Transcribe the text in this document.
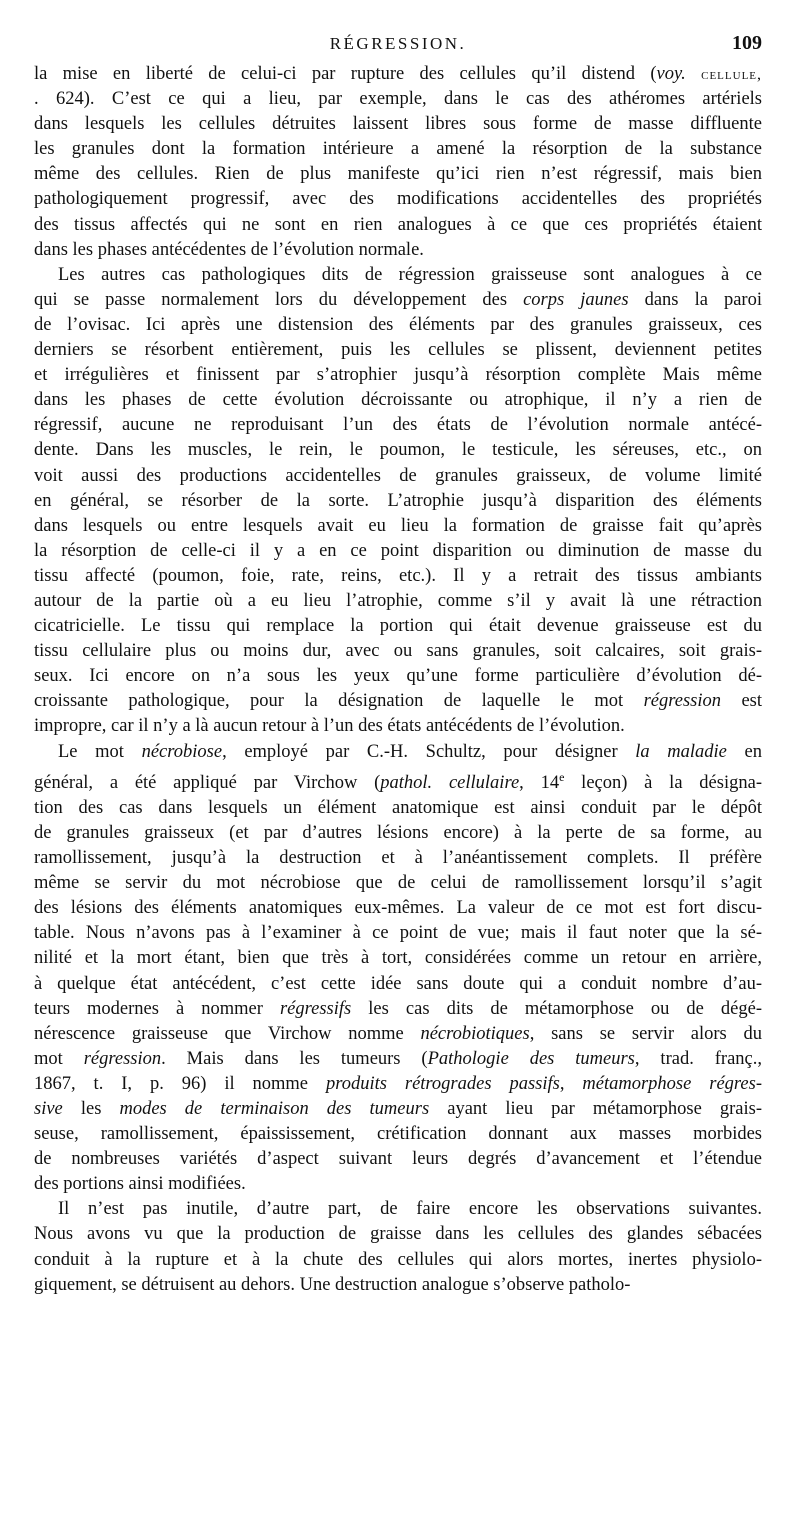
RÉGRESSION.	109
la mise en liberté de celui-ci par rupture des cellules qu’il distend (voy. cellule,
. 624). C’est ce qui a lieu, par exemple, dans le cas des athéromes artériels
dans lesquels les cellules détruites laissent libres sous forme de masse diffluente
les granules dont la formation intérieure a amené la résorption de la substance
même des cellules. Rien de plus manifeste qu’ici rien n’est régressif, mais bien
pathologiquement progressif, avec des modifications accidentelles des propriétés
des tissus affectés qui ne sont en rien analogues à ce que ces propriétés étaient
dans les phases antécédentes de l’évolution normale.
Les autres cas pathologiques dits de régression graisseuse sont analogues à ce
qui se passe normalement lors du développement des corps jaunes dans la paroi
de l’ovisac. Ici après une distension des éléments par des granules graisseux, ces
derniers se résorbent entièrement, puis les cellules se plissent, deviennent petites
et irrégulières et finissent par s’atrophier jusqu’à résorption complète Mais même
dans les phases de cette évolution décroissante ou atrophique, il n’y a rien de
régressif, aucune ne reproduisant l’un des états de l’évolution normale antécé-
dente. Dans les muscles, le rein, le poumon, le testicule, les séreuses, etc., on
voit aussi des productions accidentelles de granules graisseux, de volume limité
en général, se résorber de la sorte. L’atrophie jusqu’à disparition des éléments
dans lesquels ou entre lesquels avait eu lieu la formation de graisse fait qu’après
la résorption de celle-ci il y a en ce point disparition ou diminution de masse du
tissu affecté (poumon, foie, rate, reins, etc.). Il y a retrait des tissus ambiants
autour de la partie où a eu lieu l’atrophie, comme s’il y avait là une rétraction
cicatricielle. Le tissu qui remplace la portion qui était devenue graisseuse est du
tissu cellulaire plus ou moins dur, avec ou sans granules, soit calcaires, soit grais-
seux. Ici encore on n’a sous les yeux qu’une forme particulière d’évolution dé-
croissante pathologique, pour la désignation de laquelle le mot régression est
impropre, car il n’y a là aucun retour à l’un des états antécédents de l’évolution.
Le mot nécrobiose, employé par C.-H. Schultz, pour désigner la maladie en
général, a été appliqué par Virchow (pathol. cellulaire, 14e leçon) à la désigna-
tion des cas dans lesquels un élément anatomique est ainsi conduit par le dépôt
de granules graisseux (et par d’autres lésions encore) à la perte de sa forme, au
ramollissement, jusqu’à la destruction et à l’anéantissement complets. Il préfère
même se servir du mot nécrobiose que de celui de ramollissement lorsqu’il s’agit
des lésions des éléments anatomiques eux-mêmes. La valeur de ce mot est fort discu-
table. Nous n’avons pas à l’examiner à ce point de vue; mais il faut noter que la sé-
nilité et la mort étant, bien que très à tort, considérées comme un retour en arrière,
à quelque état antécédent, c’est cette idée sans doute qui a conduit nombre d’au-
teurs modernes à nommer régressifs les cas dits de métamorphose ou de dégé-
nérescence graisseuse que Virchow nomme nécrobiotiques, sans se servir alors du
mot régression. Mais dans les tumeurs (Pathologie des tumeurs, trad. franç.,
1867, t. I, p. 96) il nomme produits rétrogrades passifs, métamorphose régres-
sive les modes de terminaison des tumeurs ayant lieu par métamorphose grais-
seuse, ramollissement, épaississement, crétification donnant aux masses morbides
de nombreuses variétés d’aspect suivant leurs degrés d’avancement et l’étendue
des portions ainsi modifiées.
Il n’est pas inutile, d’autre part, de faire encore les observations suivantes.
Nous avons vu que la production de graisse dans les cellules des glandes sébacées
conduit à la rupture et à la chute des cellules qui alors mortes, inertes physiolo-
giquement, se détruisent au dehors. Une destruction analogue s’observe patholo-
